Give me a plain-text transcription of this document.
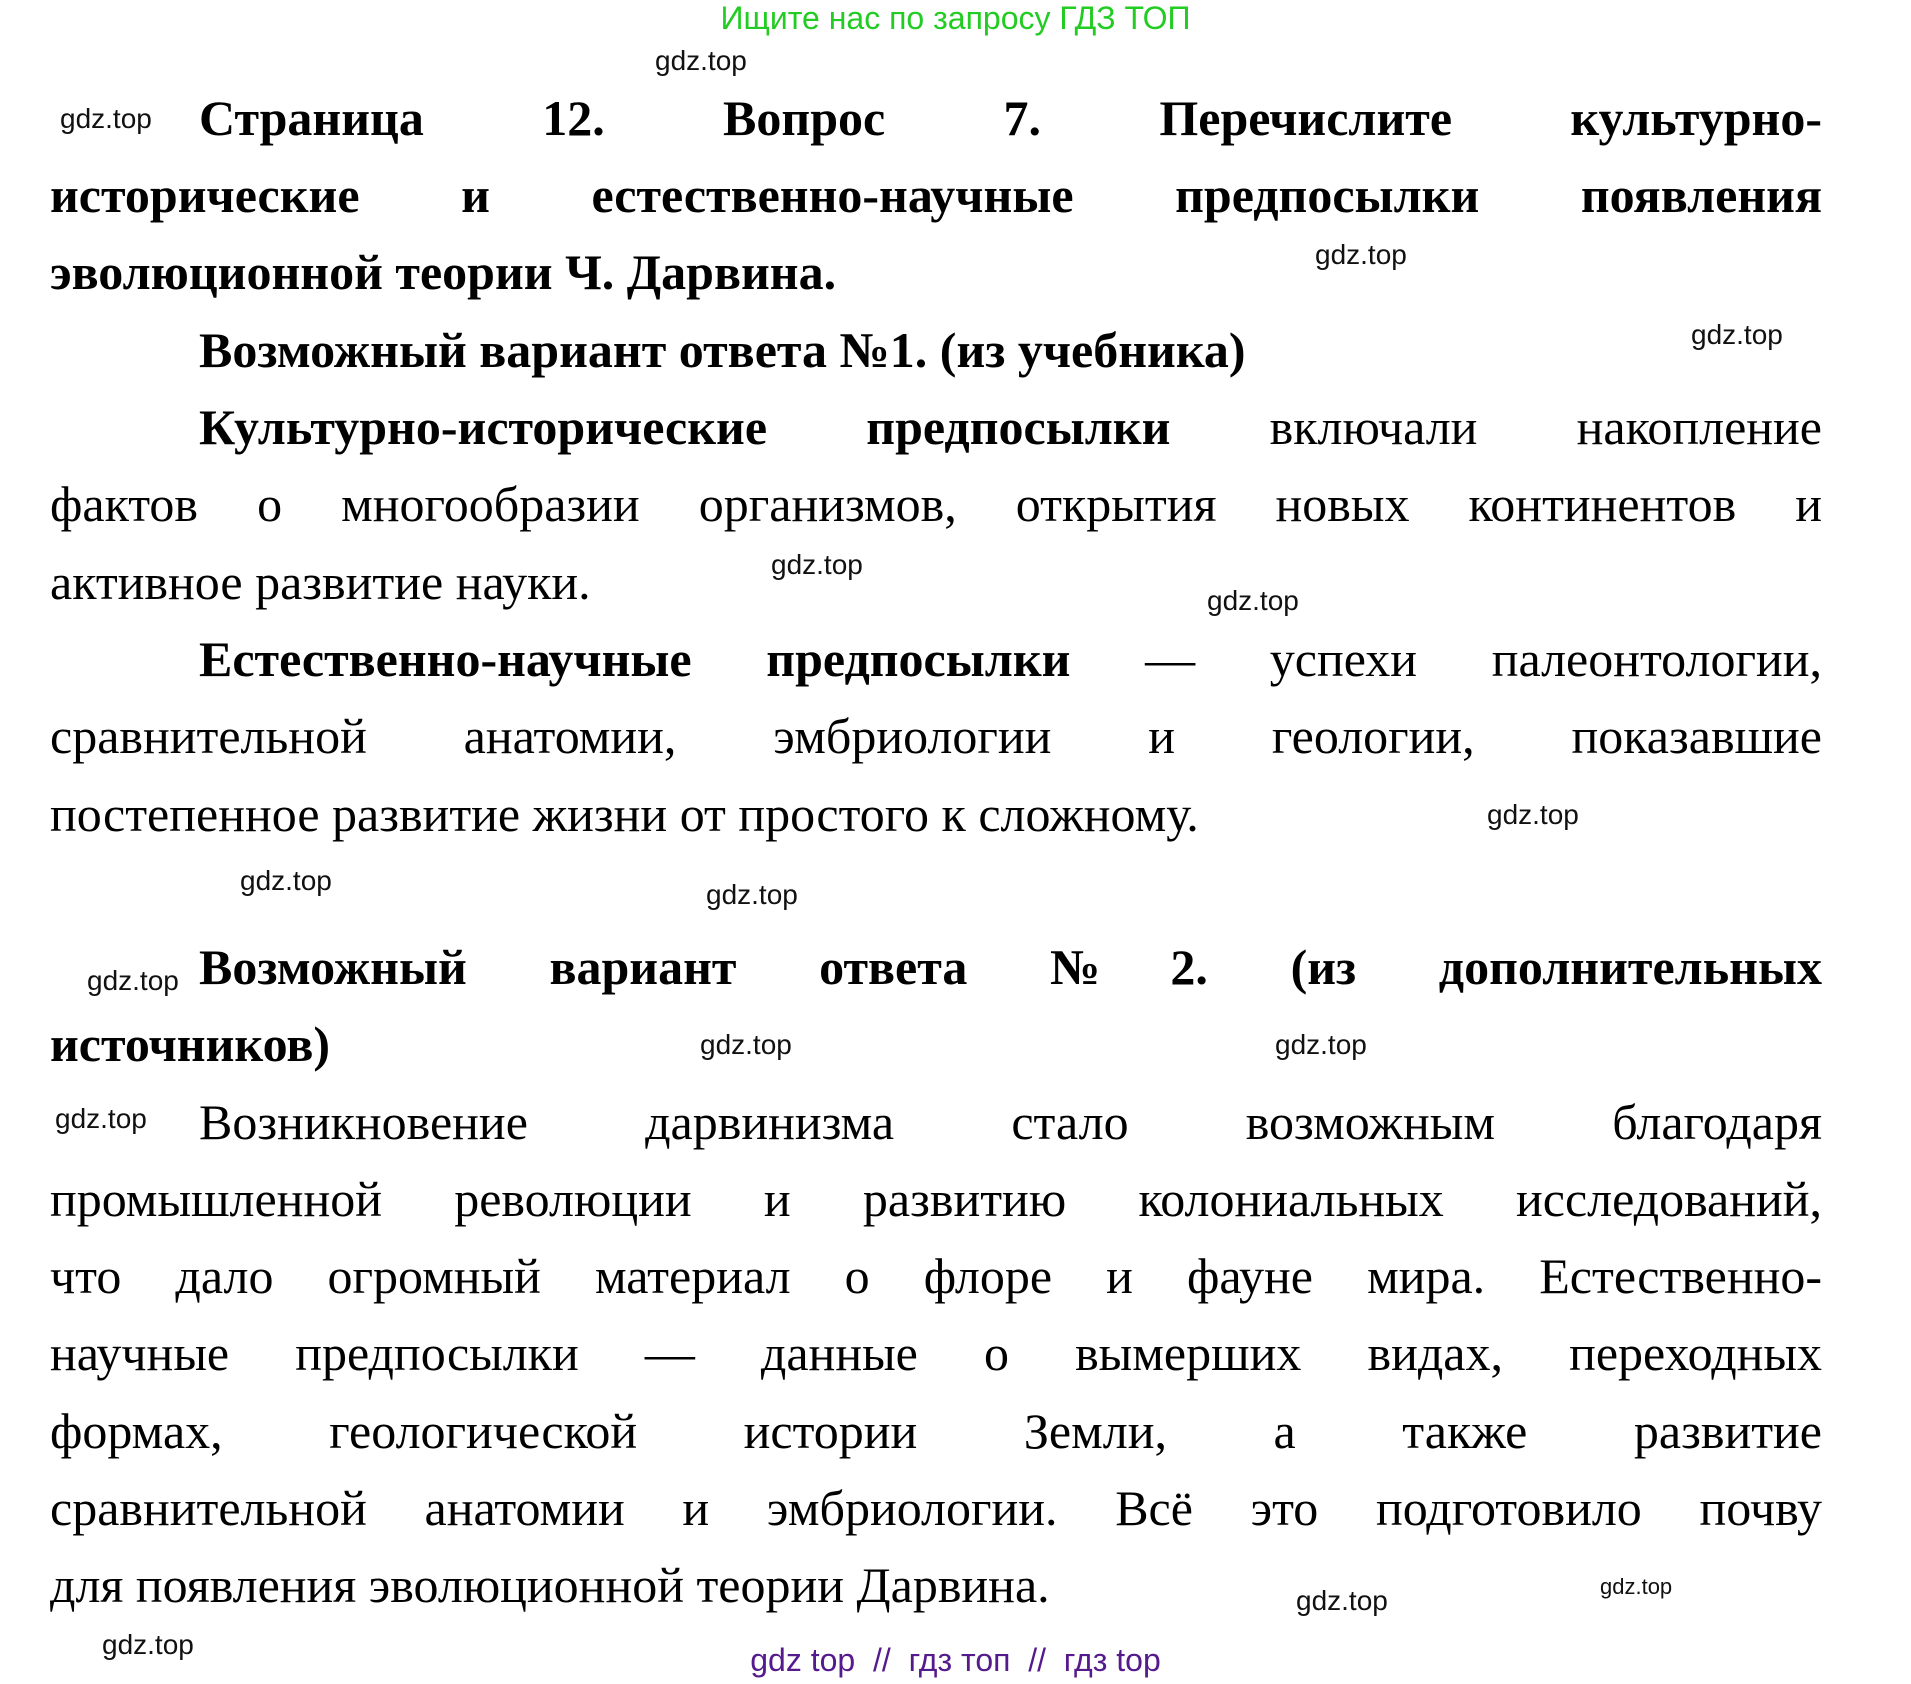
Ищите нас по запросу ГДЗ ТОП
Страница 12. Вопрос 7. Перечислите культурно-
исторические и естественно-научные предпосылки появления
эволюционной теории Ч. Дарвина.
Возможный вариант ответа №1. (из учебника)
Культурно-исторические предпосылки включали накопление
фактов о многообразии организмов, открытия новых континентов и
активное развитие науки.
Естественно-научные предпосылки — успехи палеонтологии,
сравнительной анатомии, эмбриологии и геологии, показавшие
постепенное развитие жизни от простого к сложному.
Возможный вариант ответа №2. (из дополнительных
источников)
Возникновение дарвинизма стало возможным благодаря
промышленной революции и развитию колониальных исследований,
что дало огромный материал о флоре и фауне мира. Естественно-
научные предпосылки — данные о вымерших видах, переходных
формах, геологической истории Земли, а также развитие
сравнительной анатомии и эмбриологии. Всё это подготовило почву
для появления эволюционной теории Дарвина.
gdz.top
gdz.top
gdz.top
gdz.top
gdz.top
gdz.top
gdz.top
gdz.top
gdz.top
gdz.top
gdz.top
gdz.top
gdz.top
gdz.top
gdz.top
gdz.top
gdz top  //  гдз топ  //  гдз top
